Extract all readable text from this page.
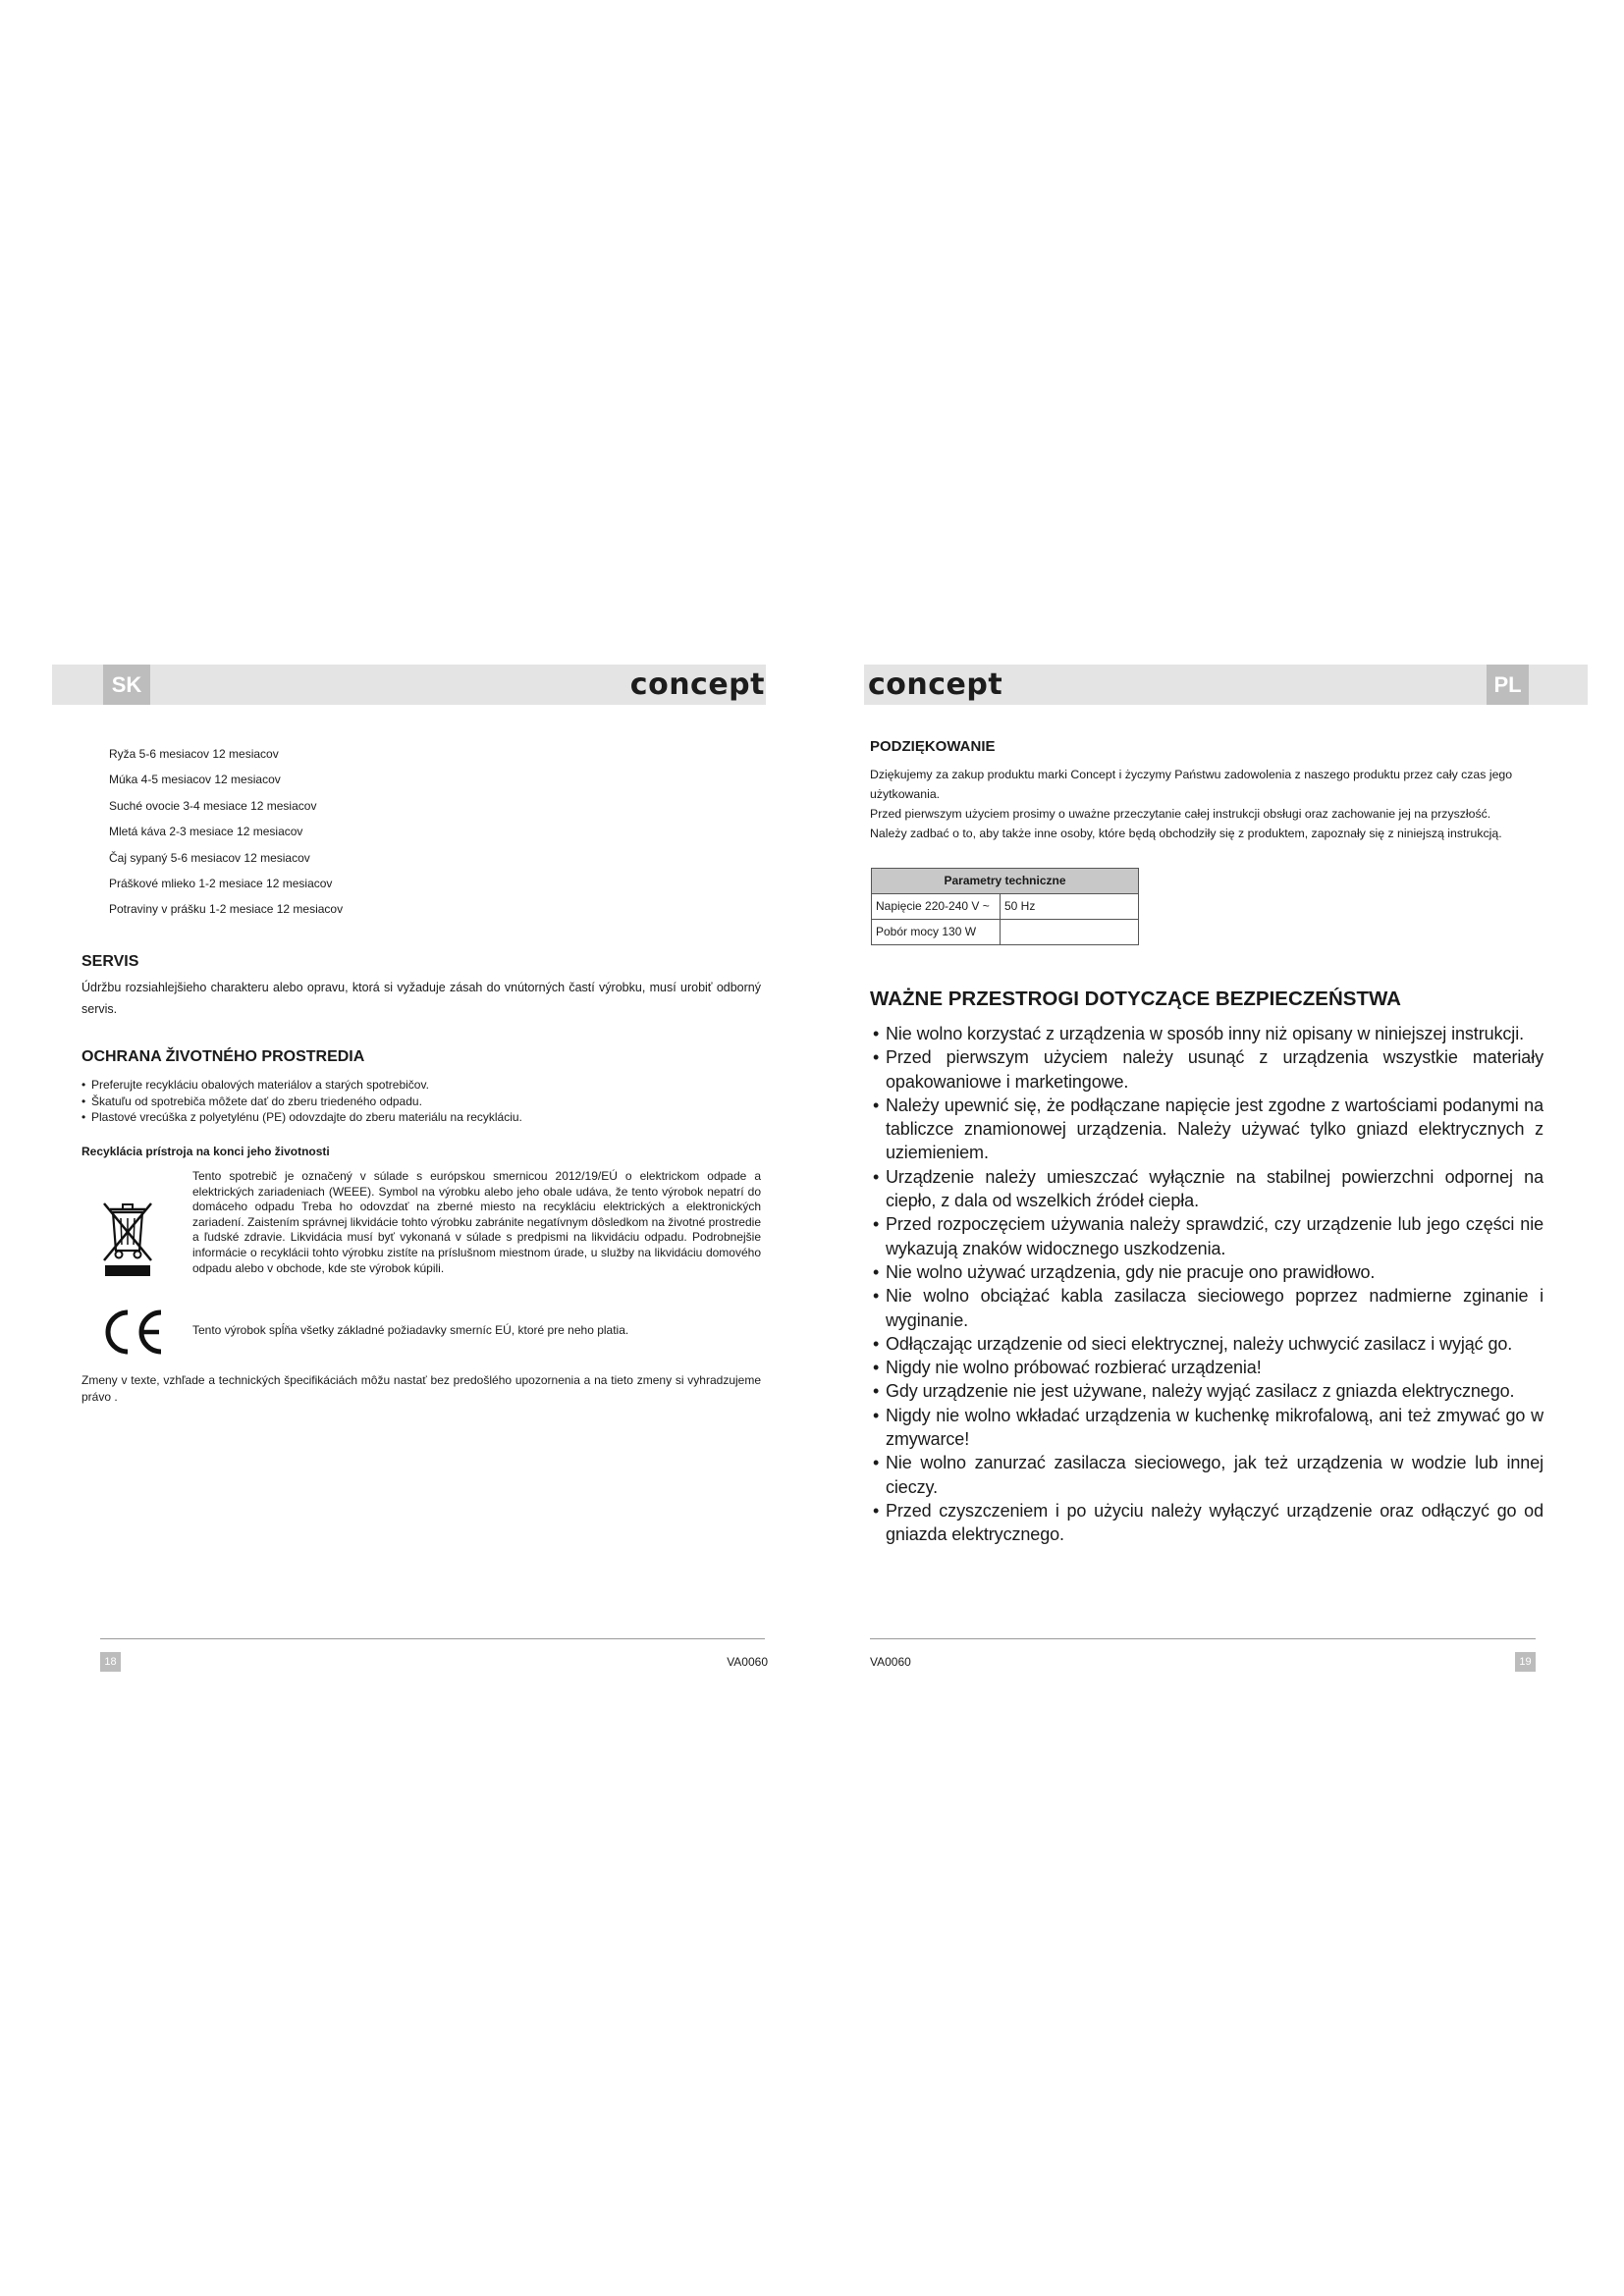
SK	concept	PL
concept
Ryža 5-6 mesiacov 12 mesiacov
Múka 4-5 mesiacov 12 mesiacov
Suché ovocie 3-4 mesiace 12 mesiacov
Mletá káva 2-3 mesiace 12 mesiacov
Čaj sypaný 5-6 mesiacov 12 mesiacov
Práškové mlieko 1-2 mesiace 12 mesiacov
Potraviny v prášku 1-2 mesiace 12 mesiacov
SERVIS

Údržbu rozsiahlejšieho charakteru alebo opravu, ktorá si vyžaduje zásah do vnútorných častí výrobku, musí urobiť odborný servis.

OCHRANA ŽIVOTNÉHO PROSTREDIA
• Preferujte recykláciu obalových materiálov a starých spotrebičov.
• Škatuľu od spotrebiča môžete dať do zberu triedeného odpadu.
• Plastové vrecúška z polyetylénu (PE) odovzdajte do zberu materiálu na recykláciu.
Recyklácia prístroja na konci jeho životnosti

Tento spotrebič je označený v súlade s európskou smernicou 2012/19/EÚ o elektrickom odpade a elektrických zariadeniach (WEEE). Symbol na výrobku alebo jeho obale udáva, že tento výrobok nepatrí do domáceho odpadu Treba ho odovzdať na zberné miesto na recykláciu elektrických a elektronických zariadení. Zaistením správnej likvidácie tohto výrobku zabránite negatívnym dôsledkom na životné prostredie a ľudské zdravie. Likvidácia musí byť vykonaná v súlade s predpismi na likvidáciu odpadu. Podrobnejšie informácie o recyklácii tohto výrobku zistíte na príslušnom miestnom úrade, u služby na likvidáciu domového odpadu alebo v obchode, kde ste výrobok kúpili.

Tento výrobok spĺňa všetky základné požiadavky smerníc EÚ, ktoré pre neho platia.

Zmeny v texte, vzhľade a technických špecifikáciách môžu nastať bez predošlého upozornenia a na tieto zmeny si vyhradzujeme právo .

18	VA0060
PODZIĘKOWANIE

Dziękujemy za zakup produktu marki Concept i życzymy Państwu zadowolenia z naszego produktu przez cały czas jego użytkowania.

Przed pierwszym użyciem prosimy o uważne przeczytanie całej instrukcji obsługi oraz zachowanie jej na przyszłość. Należy zadbać o to, aby także inne osoby, które będą obchodziły się z produktem, zapoznały się z niniejszą instrukcją.

Parametry techniczne	
Napięcie 220-240 V ~	50 Hz
Pobór mocy 130 W	
WAŻNE PRZESTROGI DOTYCZĄCE BEZPIECZEŃSTWA
• Nie wolno korzystać z urządzenia w sposób inny niż opisany w niniejszej instrukcji.
• Przed pierwszym użyciem należy usunąć z urządzenia wszystkie materiały opakowaniowe i marketingowe.
• Należy upewnić się, że podłączane napięcie jest zgodne z wartościami podanymi na tabliczce znamionowej urządzenia. Należy używać tylko gniazd elektrycznych z uziemieniem.
• Urządzenie należy umieszczać wyłącznie na stabilnej powierzchni odpornej na ciepło, z dala od wszelkich źródeł ciepła.
• Przed rozpoczęciem używania należy sprawdzić, czy urządzenie lub jego części nie wykazują znaków widocznego uszkodzenia.
• Nie wolno używać urządzenia, gdy nie pracuje ono prawidłowo.
• Nie wolno obciążać kabla zasilacza sieciowego poprzez nadmierne zginanie i wyginanie.
• Odłączając urządzenie od sieci elektrycznej, należy uchwycić zasilacz i wyjąć go.
• Nigdy nie wolno próbować rozbierać urządzenia!
• Gdy urządzenie nie jest używane, należy wyjąć zasilacz z gniazda elektrycznego.
• Nigdy nie wolno wkładać urządzenia w kuchenkę mikrofalową, ani też zmywać go w zmywarce!
• Nie wolno zanurzać zasilacza sieciowego, jak też urządzenia w wodzie lub innej cieczy.
• Przed czyszczeniem i po użyciu należy wyłączyć urządzenie oraz odłączyć go od gniazda elektrycznego.
VA0060	19
